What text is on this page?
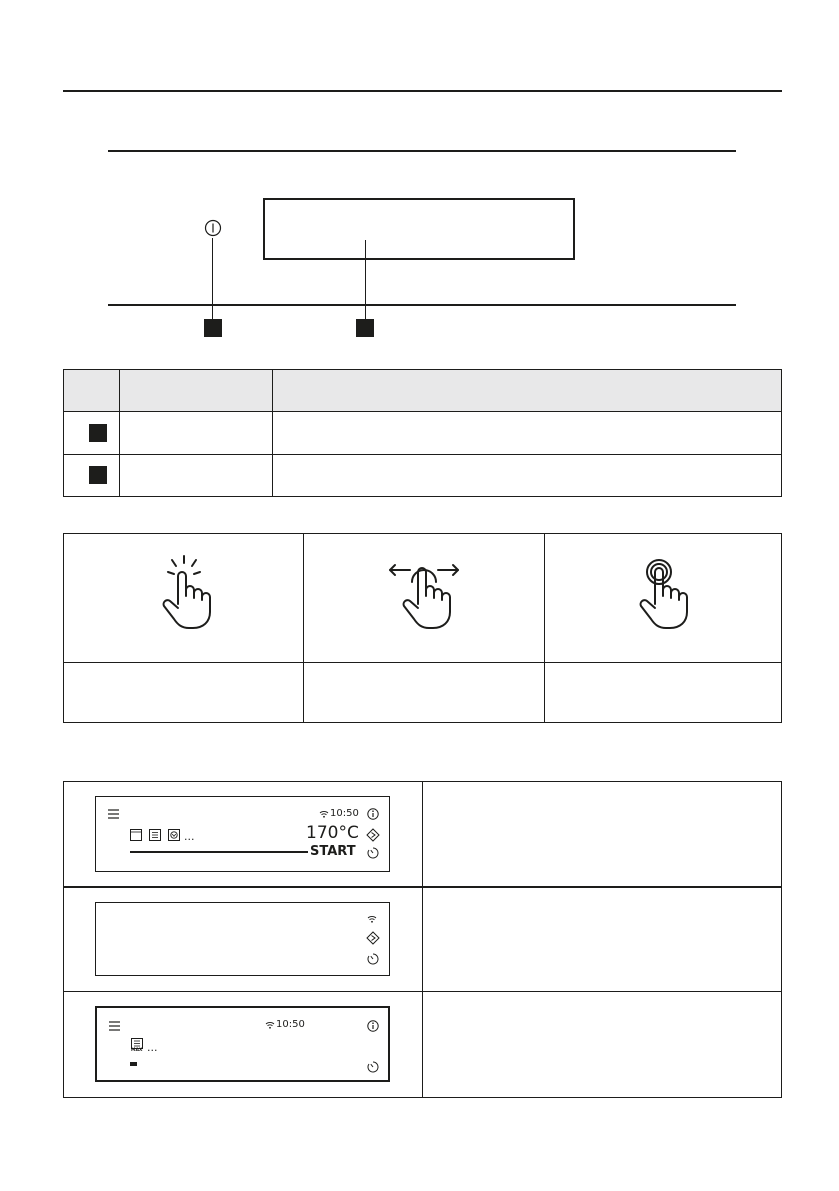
10:50
... 170°C
START	

10:50
MAX ...	
